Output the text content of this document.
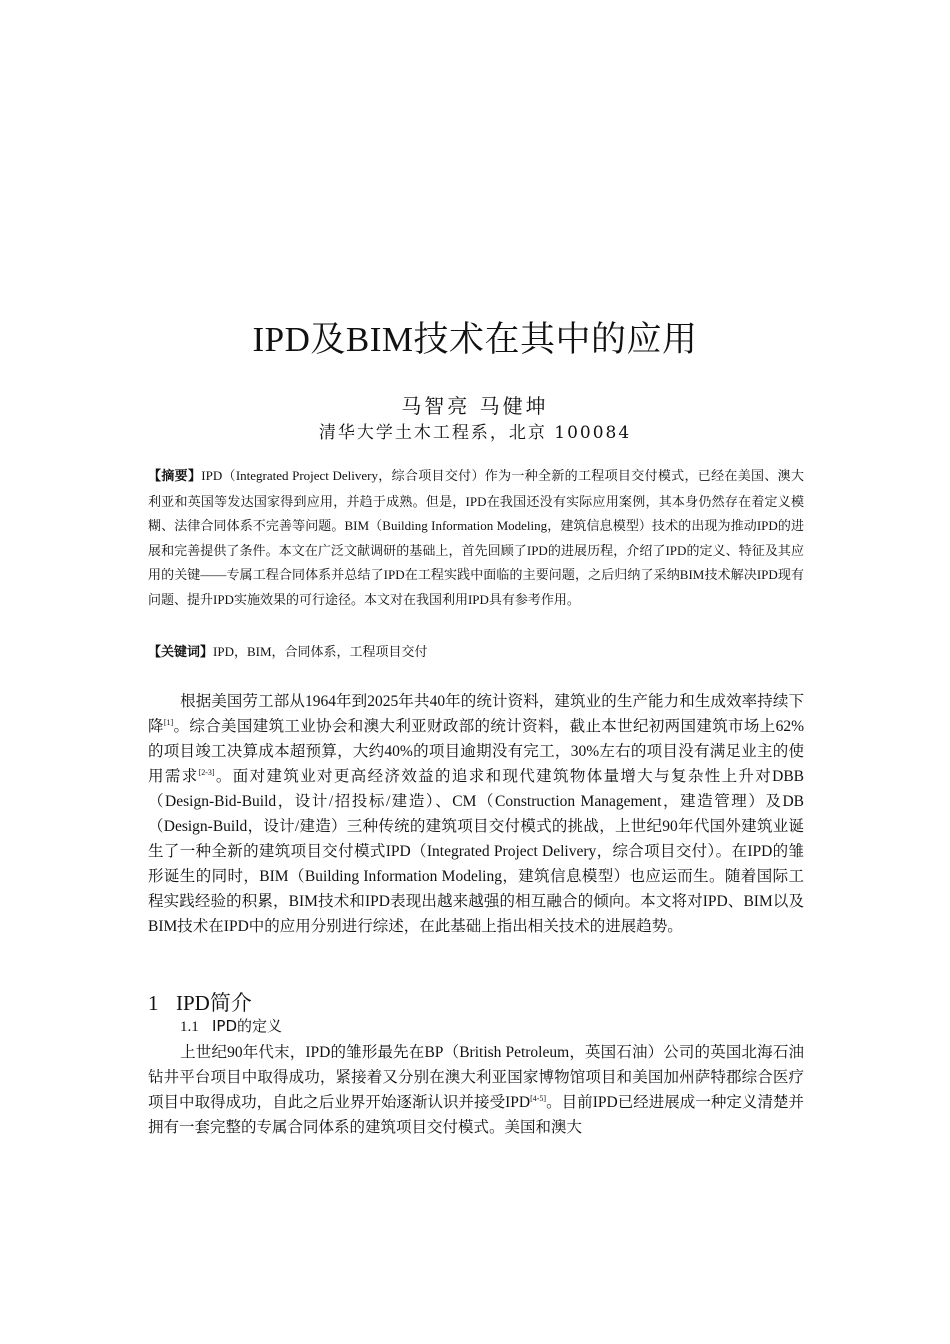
IPD及BIM技术在其中的应用
马智亮 马健坤
清华大学土木工程系，北京 100084
【摘要】IPD（Integrated Project Delivery，综合项目交付）作为一种全新的工程项目交付模式，已经在美国、澳大利亚和英国等发达国家得到应用，并趋于成熟。但是，IPD在我国还没有实际应用案例，其本身仍然存在着定义模糊、法律合同体系不完善等问题。BIM（Building Information Modeling，建筑信息模型）技术的出现为推动IPD的进展和完善提供了条件。本文在广泛文献调研的基础上，首先回顾了IPD的进展历程，介绍了IPD的定义、特征及其应用的关键——专属工程合同体系并总结了IPD在工程实践中面临的主要问题，之后归纳了采纳BIM技术解决IPD现有问题、提升IPD实施效果的可行途径。本文对在我国利用IPD具有参考作用。
【关键词】IPD，BIM，合同体系，工程项目交付
根据美国劳工部从1964年到2025年共40年的统计资料，建筑业的生产能力和生成效率持续下降[1]。综合美国建筑工业协会和澳大利亚财政部的统计资料，截止本世纪初两国建筑市场上62%的项目竣工决算成本超预算，大约40%的项目逾期没有完工，30%左右的项目没有满足业主的使用需求[2-3]。面对建筑业对更高经济效益的追求和现代建筑物体量增大与复杂性上升对DBB（Design-Bid-Build，设计/招投标/建造）、CM（Construction Management，建造管理）及DB（Design-Build，设计/建造）三种传统的建筑项目交付模式的挑战，上世纪90年代国外建筑业诞生了一种全新的建筑项目交付模式IPD（Integrated Project Delivery，综合项目交付）。在IPD的雏形诞生的同时，BIM（Building Information Modeling，建筑信息模型）也应运而生。随着国际工程实践经验的积累，BIM技术和IPD表现出越来越强的相互融合的倾向。本文将对IPD、BIM以及BIM技术在IPD中的应用分别进行综述，在此基础上指出相关技术的进展趋势。
1 IPD简介
1.1 IPD的定义
上世纪90年代末，IPD的雏形最先在BP（British Petroleum，英国石油）公司的英国北海石油钻井平台项目中取得成功，紧接着又分别在澳大利亚国家博物馆项目和美国加州萨特郡综合医疗项目中取得成功，自此之后业界开始逐渐认识并接受IPD[4-5]。目前IPD已经进展成一种定义清楚并拥有一套完整的专属合同体系的建筑项目交付模式。美国和澳大
